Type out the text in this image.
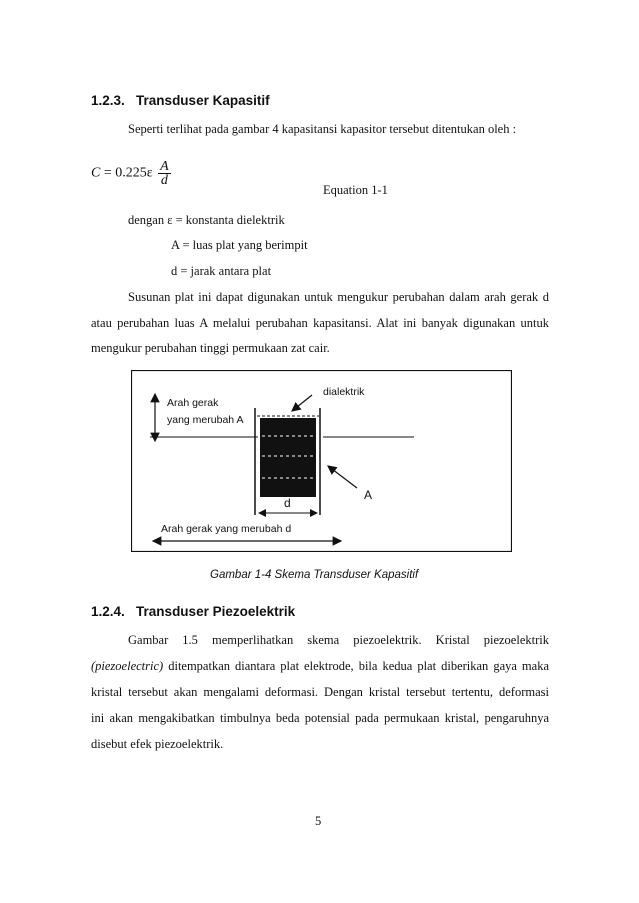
1.2.3. Transduser Kapasitif
Seperti terlihat pada gambar 4 kapasitansi kapasitor tersebut ditentukan oleh :
$C = 0.225\varepsilon \frac{A}{d}$
Equation 1-1
dengan ε = konstanta dielektrik
A = luas plat yang berimpit
d = jarak antara plat
Susunan plat ini dapat digunakan untuk mengukur perubahan dalam arah gerak d
atau perubahan luas A melalui perubahan kapasitansi. Alat ini banyak digunakan untuk
mengukur perubahan tinggi permukaan zat cair.
dialektrik
Arah gerak
yang merubah A
A
d
Arah gerak yang merubah d
Gambar 1-4 Skema Transduser Kapasitif
1.2.4. Transduser Piezoelektrik
Gambar 1.5 memperlihatkan skema piezoelektrik. Kristal piezoelektrik
(piezoelectric) ditempatkan diantara plat elektrode, bila kedua plat diberikan gaya maka
kristal tersebut akan mengalami deformasi. Dengan kristal tersebut tertentu, deformasi
ini akan mengakibatkan timbulnya beda potensial pada permukaan kristal, pengaruhnya
disebut efek piezoelektrik.
5
